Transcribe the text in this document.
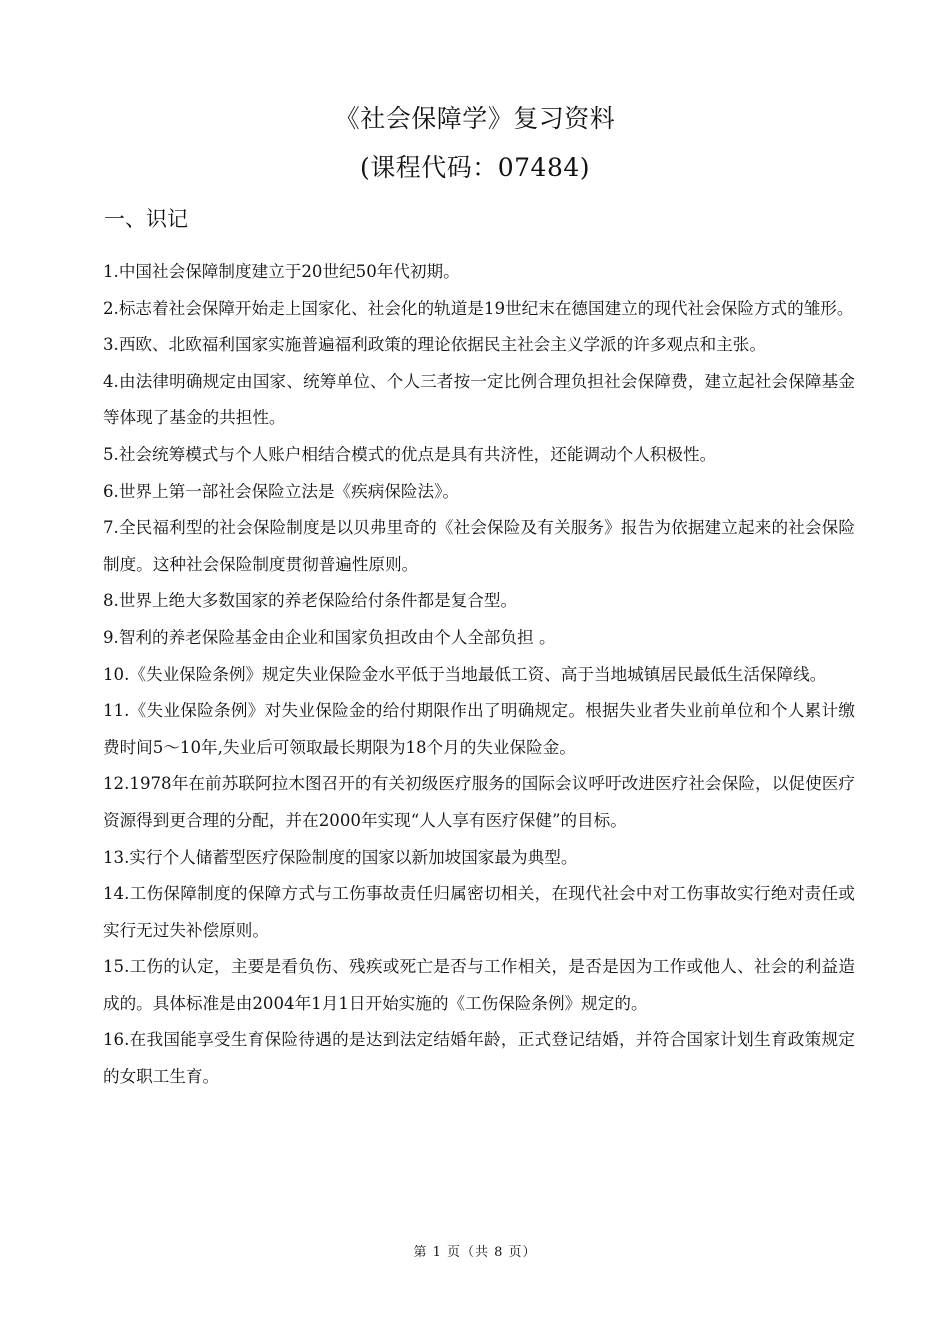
《社会保障学》复习资料
(课程代码：07484)
一、识记
1.中国社会保障制度建立于20世纪50年代初期。
2.标志着社会保障开始走上国家化、社会化的轨道是19世纪末在德国建立的现代社会保险方式的雏形。
3.西欧、北欧福利国家实施普遍福利政策的理论依据民主社会主义学派的许多观点和主张。
4.由法律明确规定由国家、统筹单位、个人三者按一定比例合理负担社会保障费，建立起社会保障基金等体现了基金的共担性。
5.社会统筹模式与个人账户相结合模式的优点是具有共济性，还能调动个人积极性。
6.世界上第一部社会保险立法是《疾病保险法》。
7.全民福利型的社会保险制度是以贝弗里奇的《社会保险及有关服务》报告为依据建立起来的社会保险制度。这种社会保险制度贯彻普遍性原则。
8.世界上绝大多数国家的养老保险给付条件都是复合型。
9.智利的养老保险基金由企业和国家负担改由个人全部负担 。
10.《失业保险条例》规定失业保险金水平低于当地最低工资、高于当地城镇居民最低生活保障线。
11.《失业保险条例》对失业保险金的给付期限作出了明确规定。根据失业者失业前单位和个人累计缴费时间5～10年,失业后可领取最长期限为18个月的失业保险金。
12.1978年在前苏联阿拉木图召开的有关初级医疗服务的国际会议呼吁改进医疗社会保险，以促使医疗资源得到更合理的分配，并在2000年实现“人人享有医疗保健”的目标。
13.实行个人储蓄型医疗保险制度的国家以新加坡国家最为典型。
14.工伤保障制度的保障方式与工伤事故责任归属密切相关，在现代社会中对工伤事故实行绝对责任或实行无过失补偿原则。
15.工伤的认定，主要是看负伤、残疾或死亡是否与工作相关，是否是因为工作或他人、社会的利益造成的。具体标准是由2004年1月1日开始实施的《工伤保险条例》规定的。
16.在我国能享受生育保险待遇的是达到法定结婚年龄，正式登记结婚，并符合国家计划生育政策规定的女职工生育。
第 1 页（共 8 页）
